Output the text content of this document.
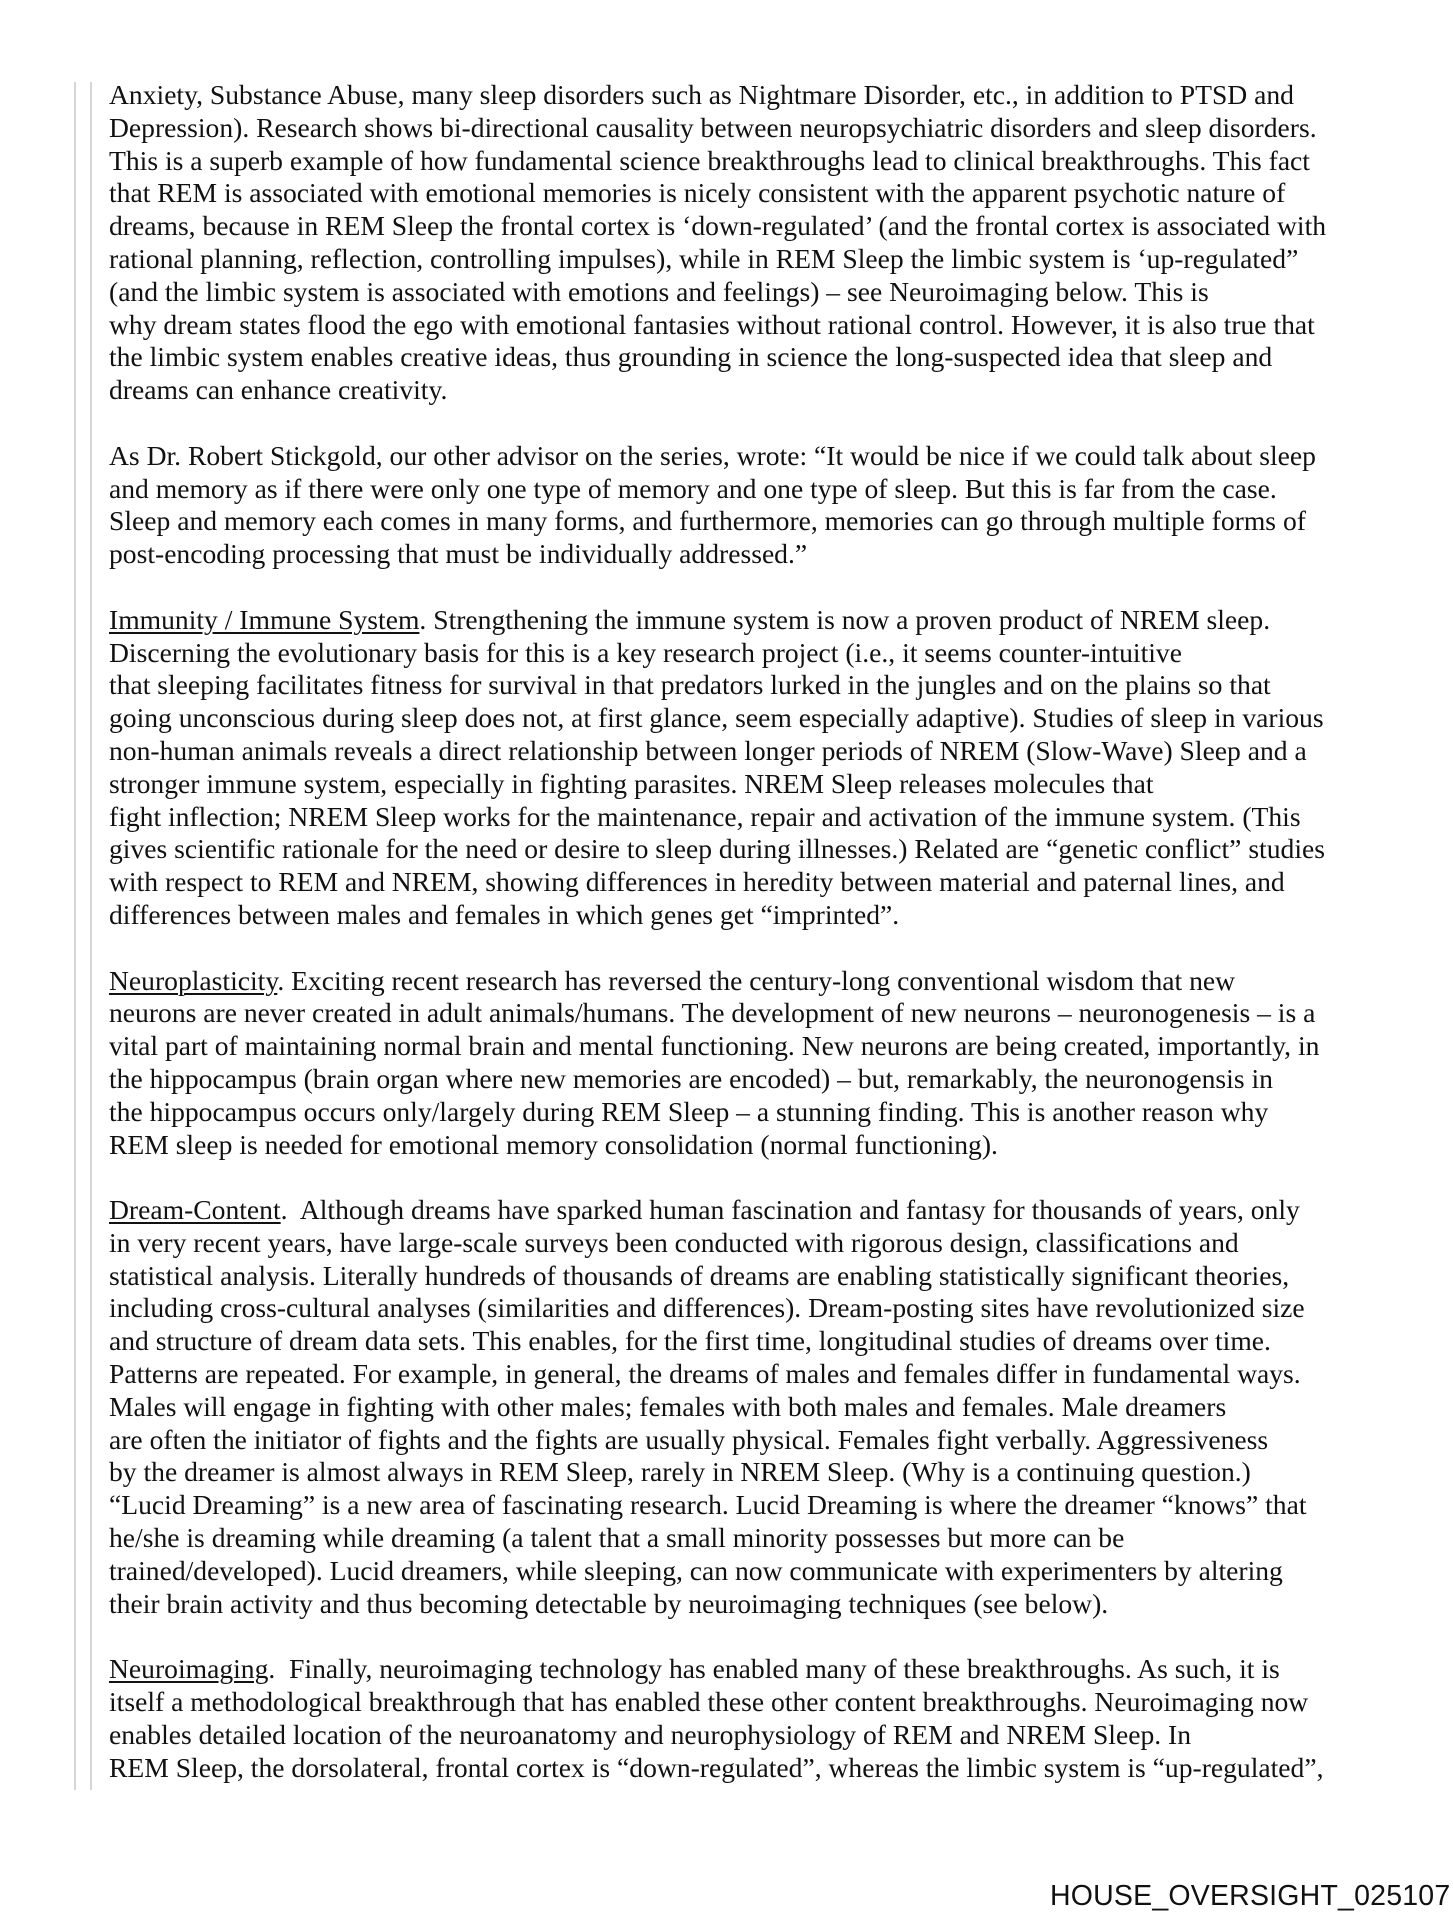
Anxiety, Substance Abuse, many sleep disorders such as Nightmare Disorder, etc., in addition to PTSD and
Depression). Research shows bi-directional causality between neuropsychiatric disorders and sleep disorders.
This is a superb example of how fundamental science breakthroughs lead to clinical breakthroughs. This fact
that REM is associated with emotional memories is nicely consistent with the apparent psychotic nature of
dreams, because in REM Sleep the frontal cortex is ‘down-regulated’ (and the frontal cortex is associated with
rational planning, reflection, controlling impulses), while in REM Sleep the limbic system is ‘up-regulated”
(and the limbic system is associated with emotions and feelings) – see Neuroimaging below. This is
why dream states flood the ego with emotional fantasies without rational control. However, it is also true that
the limbic system enables creative ideas, thus grounding in science the long-suspected idea that sleep and
dreams can enhance creativity.

As Dr. Robert Stickgold, our other advisor on the series, wrote: “It would be nice if we could talk about sleep
and memory as if there were only one type of memory and one type of sleep. But this is far from the case.
Sleep and memory each comes in many forms, and furthermore, memories can go through multiple forms of
post-encoding processing that must be individually addressed.”

Immunity / Immune System. Strengthening the immune system is now a proven product of NREM sleep.
Discerning the evolutionary basis for this is a key research project (i.e., it seems counter-intuitive
that sleeping facilitates fitness for survival in that predators lurked in the jungles and on the plains so that
going unconscious during sleep does not, at first glance, seem especially adaptive). Studies of sleep in various
non-human animals reveals a direct relationship between longer periods of NREM (Slow-Wave) Sleep and a
stronger immune system, especially in fighting parasites. NREM Sleep releases molecules that
fight inflection; NREM Sleep works for the maintenance, repair and activation of the immune system. (This
gives scientific rationale for the need or desire to sleep during illnesses.) Related are “genetic conflict” studies
with respect to REM and NREM, showing differences in heredity between material and paternal lines, and
differences between males and females in which genes get “imprinted”.

Neuroplasticity. Exciting recent research has reversed the century-long conventional wisdom that new
neurons are never created in adult animals/humans. The development of new neurons – neuronogenesis – is a
vital part of maintaining normal brain and mental functioning. New neurons are being created, importantly, in
the hippocampus (brain organ where new memories are encoded) – but, remarkably, the neuronogensis in
the hippocampus occurs only/largely during REM Sleep – a stunning finding. This is another reason why
REM sleep is needed for emotional memory consolidation (normal functioning).

Dream-Content.  Although dreams have sparked human fascination and fantasy for thousands of years, only
in very recent years, have large-scale surveys been conducted with rigorous design, classifications and
statistical analysis. Literally hundreds of thousands of dreams are enabling statistically significant theories,
including cross-cultural analyses (similarities and differences). Dream-posting sites have revolutionized size
and structure of dream data sets. This enables, for the first time, longitudinal studies of dreams over time.
Patterns are repeated. For example, in general, the dreams of males and females differ in fundamental ways.
Males will engage in fighting with other males; females with both males and females. Male dreamers
are often the initiator of fights and the fights are usually physical. Females fight verbally. Aggressiveness
by the dreamer is almost always in REM Sleep, rarely in NREM Sleep. (Why is a continuing question.)
“Lucid Dreaming” is a new area of fascinating research. Lucid Dreaming is where the dreamer “knows” that
he/she is dreaming while dreaming (a talent that a small minority possesses but more can be
trained/developed). Lucid dreamers, while sleeping, can now communicate with experimenters by altering
their brain activity and thus becoming detectable by neuroimaging techniques (see below).

Neuroimaging.  Finally, neuroimaging technology has enabled many of these breakthroughs. As such, it is
itself a methodological breakthrough that has enabled these other content breakthroughs. Neuroimaging now
enables detailed location of the neuroanatomy and neurophysiology of REM and NREM Sleep. In
REM Sleep, the dorsolateral, frontal cortex is “down-regulated”, whereas the limbic system is “up-regulated”,

HOUSE_OVERSIGHT_025107
